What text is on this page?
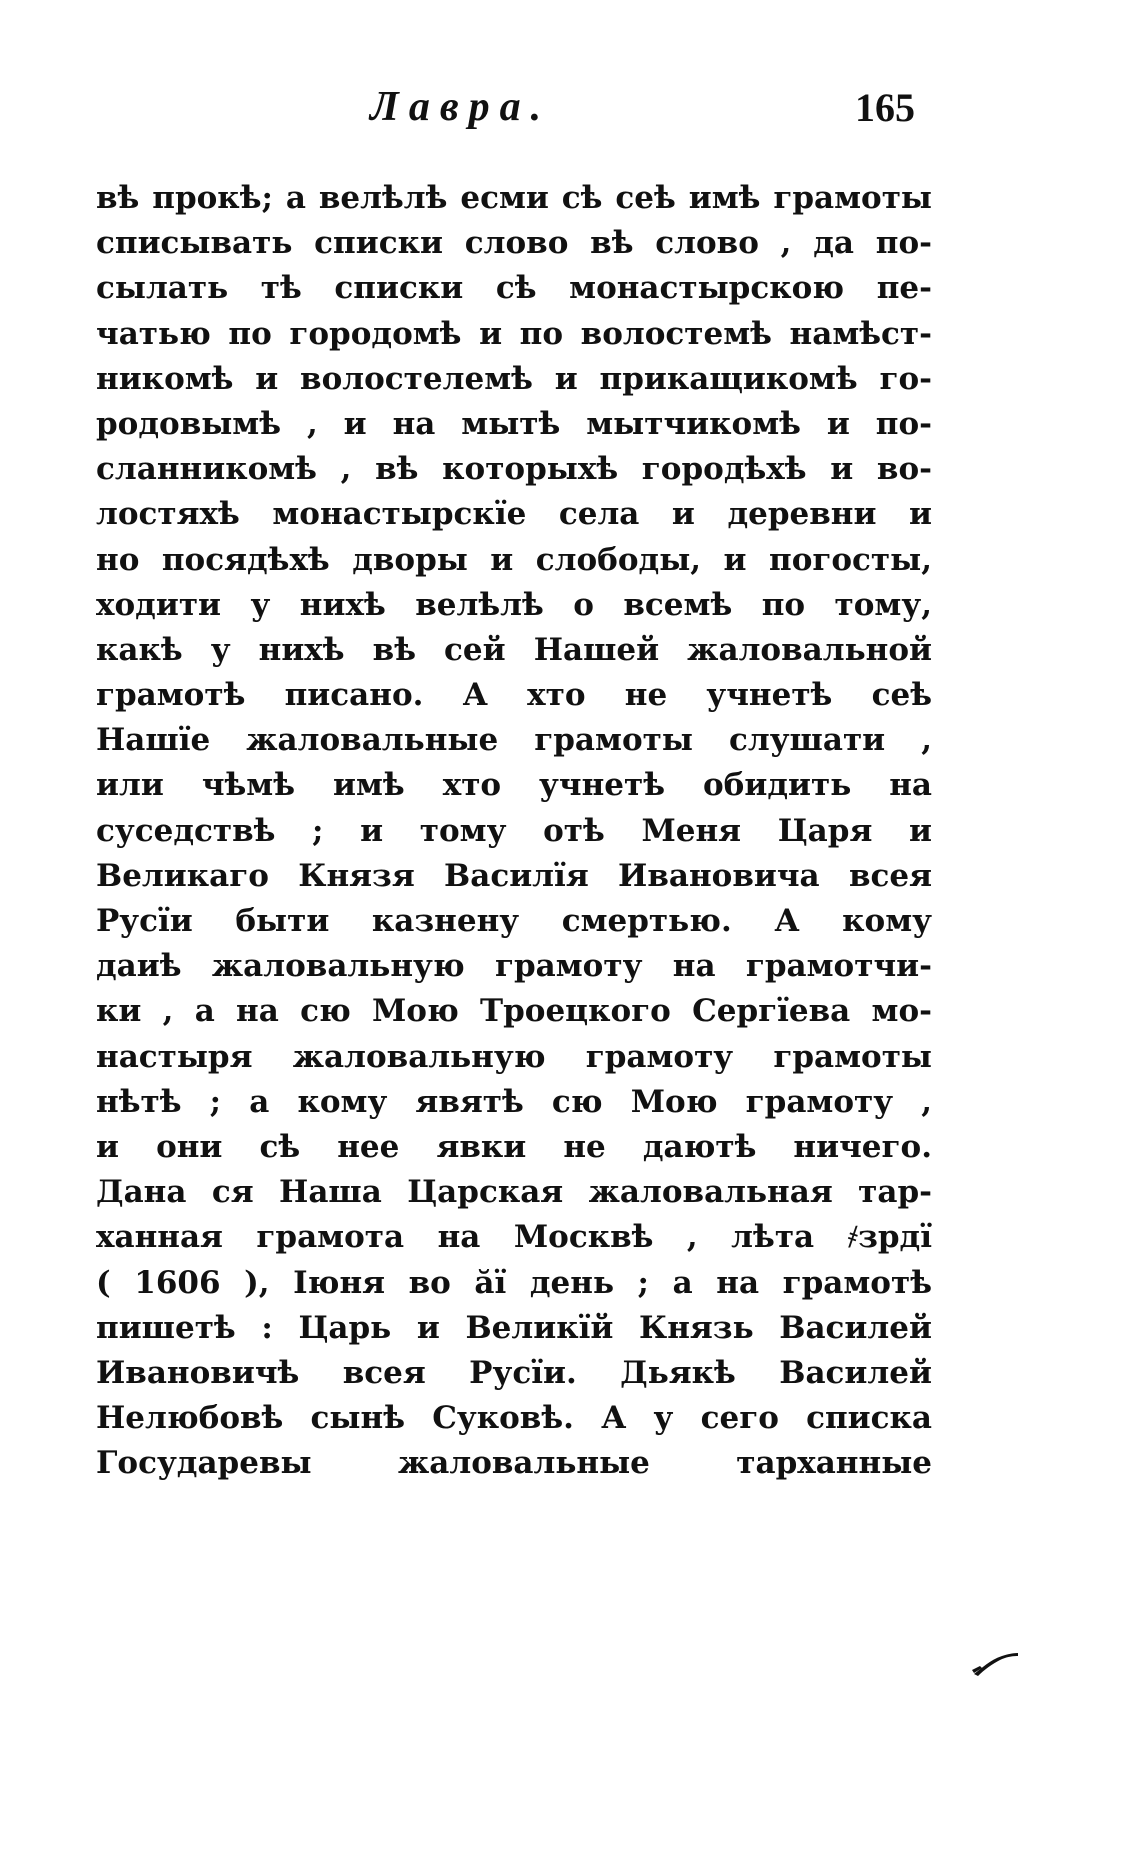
Лавра.	165
вѣ прокѣ; а велѣлѣ есми сѣ сеѣ имѣ грамоты
списывать списки слово вѣ слово , да по-
сылать тѣ списки сѣ монастырскою пе-
чатью по городомѣ и по волостемѣ намѣст-
никомѣ и волостелемѣ и прикащикомѣ го-
родовымѣ , и на мытѣ мытчикомѣ и по-
сланникомѣ , вѣ которыхѣ городѣхѣ и во-
лостяхѣ монастырскїе села и деревни и
но посядѣхѣ дворы и слободы, и погосты,
ходити у нихѣ велѣлѣ о всемѣ по тому,
какѣ у нихѣ вѣ сей Нашей жаловальной
грамотѣ писано. А хто не учнетѣ сеѣ
Нашїе жаловальные грамоты слушати ,
или чѣмѣ имѣ хто учнетѣ обидить на
суседствѣ ; и тому отѣ Меня Царя и
Великаго Князя Василїя Ивановича всея
Русїи быти казнену смертью. А кому
даиѣ жаловальную грамоту на грамотчи-
ки , а на сю Мою Троецкого Сергїева мо-
настыря жаловальную грамоту грамоты
нѣтѣ ; а кому явятѣ сю Мою грамоту ,
и они сѣ нее явки не даютѣ ничего.
Дана ся Наша Царская жаловальная тар-
ханная грамота на Москвѣ , лѣта ҂зрдї
( 1606 ), Іюня во ӑї день ; а на грамотѣ
пишетѣ : Царь и Великїй Князь Василей
Ивановичѣ всея Русїи. Дьякѣ Василей
Нелюбовѣ сынѣ Суковѣ. А у сего списка
Государевы жаловальные тарханные
